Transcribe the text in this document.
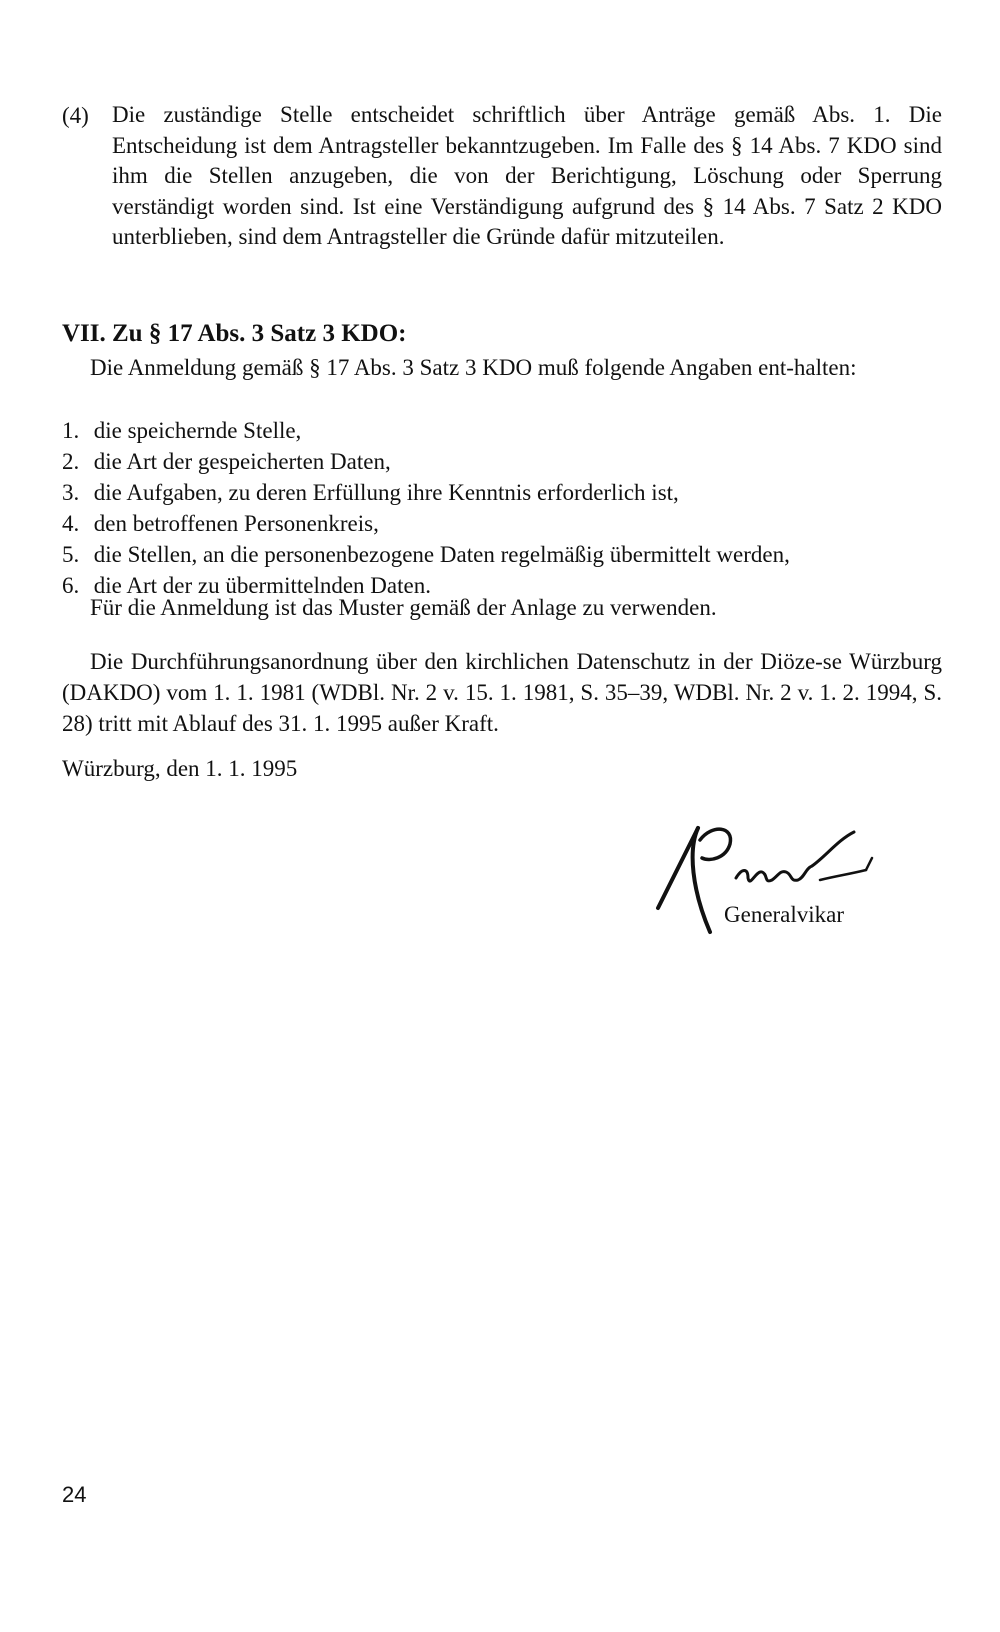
(4) Die zuständige Stelle entscheidet schriftlich über Anträge gemäß Abs. 1. Die Entscheidung ist dem Antragsteller bekanntzugeben. Im Falle des § 14 Abs. 7 KDO sind ihm die Stellen anzugeben, die von der Berichtigung, Löschung oder Sperrung verständigt worden sind. Ist eine Verständigung aufgrund des § 14 Abs. 7 Satz 2 KDO unterblieben, sind dem Antragsteller die Gründe dafür mitzuteilen.
VII. Zu § 17 Abs. 3 Satz 3 KDO:
Die Anmeldung gemäß § 17 Abs. 3 Satz 3 KDO muß folgende Angaben ent-halten:
1. die speichernde Stelle,
2. die Art der gespeicherten Daten,
3. die Aufgaben, zu deren Erfüllung ihre Kenntnis erforderlich ist,
4. den betroffenen Personenkreis,
5. die Stellen, an die personenbezogene Daten regelmäßig übermittelt werden,
6. die Art der zu übermittelnden Daten.
Für die Anmeldung ist das Muster gemäß der Anlage zu verwenden.
Die Durchführungsanordnung über den kirchlichen Datenschutz in der Diöze-se Würzburg (DAKDO) vom 1. 1. 1981 (WDBl. Nr. 2 v. 15. 1. 1981, S. 35–39, WDBl. Nr. 2 v. 1. 2. 1994, S. 28) tritt mit Ablauf des 31. 1. 1995 außer Kraft.
Würzburg, den 1. 1. 1995
Generalvikar
24
